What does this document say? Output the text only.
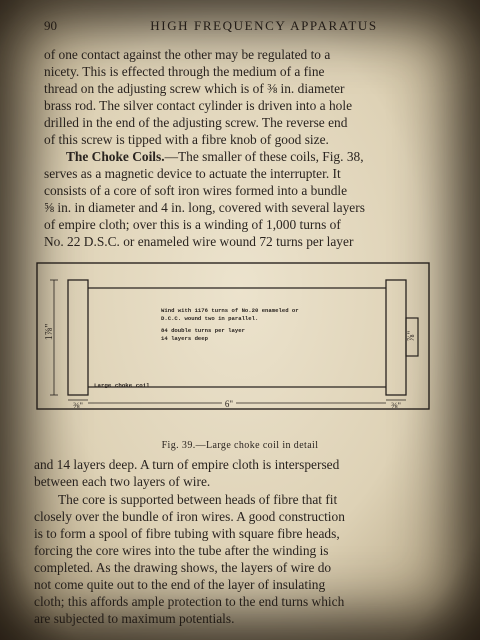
90	HIGH FREQUENCY APPARATUS
of one contact against the other may be regulated to a
nicety. This is effected through the medium of a fine
thread on the adjusting screw which is of ⅜ in. diameter
brass rod. The silver contact cylinder is driven into a hole
drilled in the end of the adjusting screw. The reverse end
of this screw is tipped with a fibre knob of good size.
The Choke Coils.—The smaller of these coils, Fig. 38,
serves as a magnetic device to actuate the interrupter. It
consists of a core of soft iron wires formed into a bundle
⅝ in. in diameter and 4 in. long, covered with several layers
of empire cloth; over this is a winding of 1,000 turns of
No. 22 D.S.C. or enameled wire wound 72 turns per layer
1⅞"	⅞"
Wind with 1176 turns of No.20 enameled or
D.C.C. wound two in parallel.
84 double turns per layer
14 layers deep
⅜"	⅜"
6"
Large choke coil
Fig. 39.—Large choke coil in detail
and 14 layers deep. A turn of empire cloth is interspersed
between each two layers of wire.
The core is supported between heads of fibre that fit
closely over the bundle of iron wires. A good construction
is to form a spool of fibre tubing with square fibre heads,
forcing the core wires into the tube after the winding is
completed. As the drawing shows, the layers of wire do
not come quite out to the end of the layer of insulating
cloth; this affords ample protection to the end turns which
are subjected to maximum potentials.
